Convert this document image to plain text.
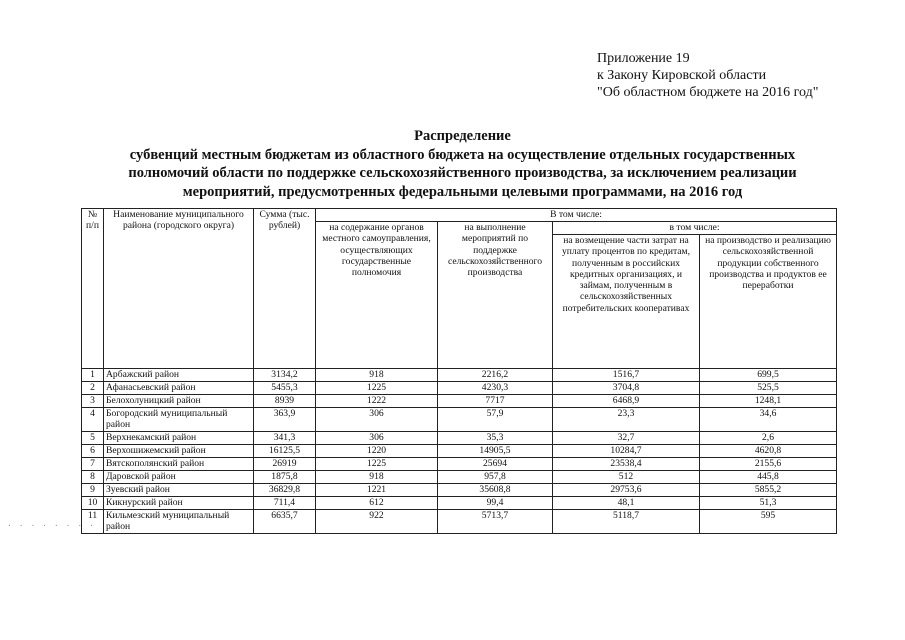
Приложение 19
к Закону Кировской области
"Об областном бюджете на 2016 год"
Распределение
субвенций местным бюджетам из областного бюджета на осуществление отдельных государственных
полномочий области по поддержке сельскохозяйственного производства, за исключением реализации
мероприятий, предусмотренных федеральными целевыми программами, на 2016 год
. . . . . . . .
№ п/п	Наименование муниципального района (городского округа)	Сумма (тыс. рублей)	В том числе:			
			на содержание органов местного самоуправления, осуществляющих государственные полномочия	на выполнение мероприятий по поддержке сельскохозяйственного производства	в том числе:	
					на возмещение части затрат на уплату процентов по кредитам, полученным в российских кредитных организациях, и займам, полученным в сельскохозяйственных потребительских кооперативах	на производство и реализацию сельскохозяйственной продукции собственного производства и продуктов ее переработки
1	Арбажский район	3134,2	918	2216,2	1516,7	699,5
2	Афанасьевский район	5455,3	1225	4230,3	3704,8	525,5
3	Белохолуницкий район	8939	1222	7717	6468,9	1248,1
4	Богородский муниципальный район	363,9	306	57,9	23,3	34,6
5	Верхнекамский район	341,3	306	35,3	32,7	2,6
6	Верхошижемский район	16125,5	1220	14905,5	10284,7	4620,8
7	Вятскополянский район	26919	1225	25694	23538,4	2155,6
8	Даровской район	1875,8	918	957,8	512	445,8
9	Зуевский район	36829,8	1221	35608,8	29753,6	5855,2
10	Кикнурский район	711,4	612	99,4	48,1	51,3
11	Кильмезский муниципальный район	6635,7	922	5713,7	5118,7	595
